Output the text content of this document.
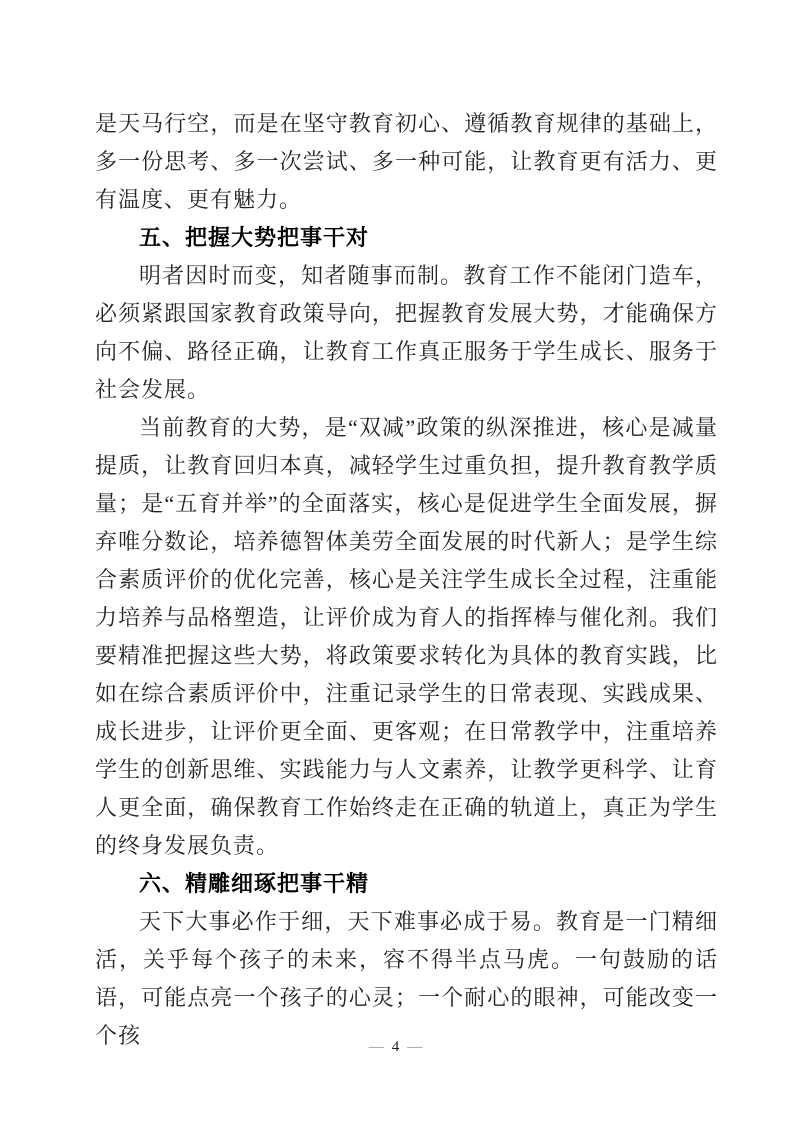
是天马行空，而是在坚守教育初心、遵循教育规律的基础上，多一份思考、多一次尝试、多一种可能，让教育更有活力、更有温度、更有魅力。

五、把握大势把事干对

明者因时而变，知者随事而制。教育工作不能闭门造车，必须紧跟国家教育政策导向，把握教育发展大势，才能确保方向不偏、路径正确，让教育工作真正服务于学生成长、服务于社会发展。

当前教育的大势，是“双减”政策的纵深推进，核心是减量提质，让教育回归本真，减轻学生过重负担，提升教育教学质量；是“五育并举”的全面落实，核心是促进学生全面发展，摒弃唯分数论，培养德智体美劳全面发展的时代新人；是学生综合素质评价的优化完善，核心是关注学生成长全过程，注重能力培养与品格塑造，让评价成为育人的指挥棒与催化剂。我们要精准把握这些大势，将政策要求转化为具体的教育实践，比如在综合素质评价中，注重记录学生的日常表现、实践成果、成长进步，让评价更全面、更客观；在日常教学中，注重培养学生的创新思维、实践能力与人文素养，让教学更科学、让育人更全面，确保教育工作始终走在正确的轨道上，真正为学生的终身发展负责。

六、精雕细琢把事干精

天下大事必作于细，天下难事必成于易。教育是一门精细活，关乎每个孩子的未来，容不得半点马虎。一句鼓励的话语，可能点亮一个孩子的心灵；一个耐心的眼神，可能改变一个孩	— 4 —
